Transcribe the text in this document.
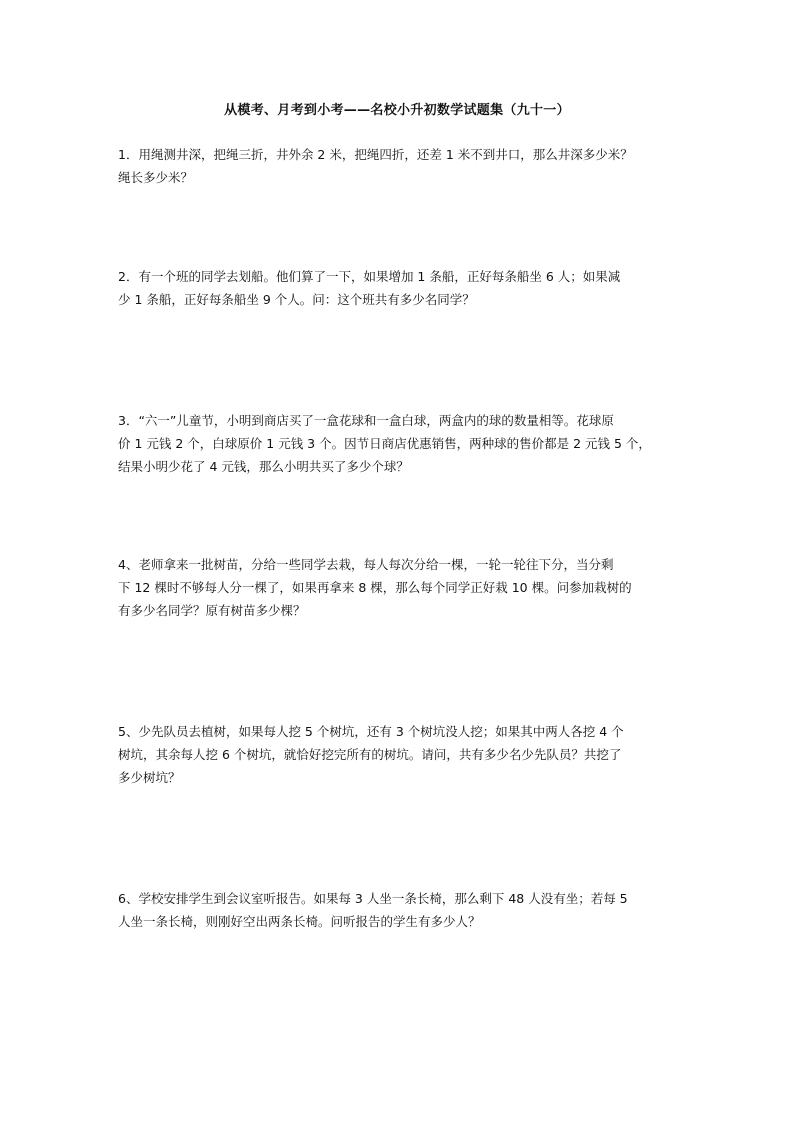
从模考、月考到小考——名校小升初数学试题集（九十一）

1．用绳测井深，把绳三折，井外余 2 米，把绳四折，还差 1 米不到井口，那么井深多少米？

绳长多少米？

2．有一个班的同学去划船。他们算了一下，如果增加 1 条船，正好每条船坐 6 人；如果减

少 1 条船，正好每条船坐 9 个人。问：这个班共有多少名同学？

3．“六一”儿童节，小明到商店买了一盒花球和一盒白球，两盒内的球的数量相等。花球原

价 1 元钱 2 个，白球原价 1 元钱 3 个。因节日商店优惠销售，两种球的售价都是 2 元钱 5 个，

结果小明少花了 4 元钱，那么小明共买了多少个球？

4、老师拿来一批树苗，分给一些同学去栽，每人每次分给一棵，一轮一轮往下分，当分剩

下 12 棵时不够每人分一棵了，如果再拿来 8 棵，那么每个同学正好栽 10 棵。问参加栽树的

有多少名同学？原有树苗多少棵？

5、少先队员去植树，如果每人挖 5 个树坑，还有 3 个树坑没人挖；如果其中两人各挖 4 个

树坑，其余每人挖 6 个树坑，就恰好挖完所有的树坑。请问，共有多少名少先队员？共挖了

多少树坑？

6、学校安排学生到会议室听报告。如果每 3 人坐一条长椅，那么剩下 48 人没有坐；若每 5

人坐一条长椅，则刚好空出两条长椅。问听报告的学生有多少人？
